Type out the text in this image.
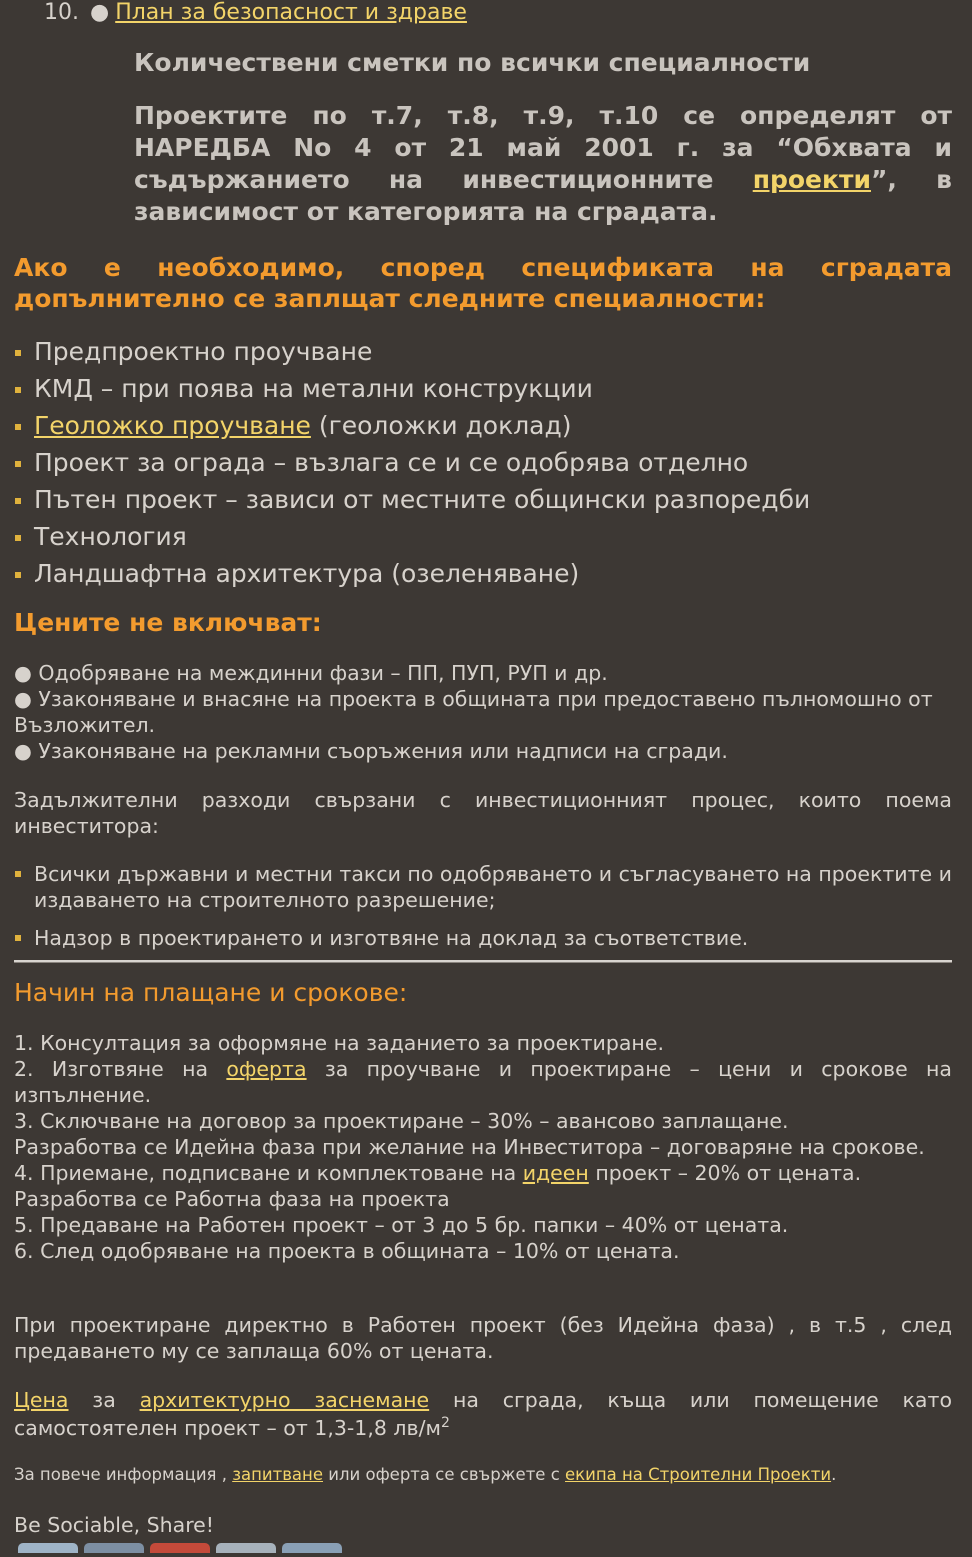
10. ● План за безопасност и здраве
Количествени сметки по всички специалности
Проектите по т.7, т.8, т.9, т.10 се определят от НАРЕДБА No 4 от 21 май 2001 г. за “Обхвата и съдържанието на инвестиционните проекти”, в зависимост от категорията на сградата.
Ако е необходимо, според спецификата на сградата допълнително се заплщат следните специалности:
Предпроектно проучване
КМД – при поява на метални конструкции
Геоложко проучване (геоложки доклад)
Проект за ограда – възлага се и се одобрява отделно
Пътен проект – зависи от местните общински разпоредби
Технология
Ландшафтна архитектура (озеленяване)
Цените не включват:
● Одобряване на междинни фази – ПП, ПУП, РУП и др.
● Узаконяване и внасяне на проекта в общината при предоставено пълномошно от Възложител.
● Узаконяване на рекламни съоръжения или надписи на сгради.
Задължителни разходи свързани с инвестиционният процес, които поема инвеститора:
Всички държавни и местни такси по одобряването и съгласуването на проектите и издаването на строителното разрешение;
Надзор в проектирането и изготвяне на доклад за съответствие.
Начин на плащане и срокове:
1. Консултация за оформяне на заданието за проектиране.
2. Изготвяне на оферта за проучване и проектиране – цени и срокове на изпълнение.
3. Сключване на договор за проектиране – 30% – авансово заплащане.
Разработва се Идейна фаза при желание на Инвеститора – договаряне на срокове.
4. Приемане, подписване и комплектоване на идеен проект – 20% от цената.
Разработва се Работна фаза на проекта
5. Предаване на Работен проект – от 3 до 5 бр. папки – 40% от цената.
6. След одобряване на проекта в общината – 10% от цената.
При проектиране директно в Работен проект (без Идейна фаза) , в т.5 , след предаването му се заплаща 60% от цената.
Цена за архитектурно заснемане на сграда, къща или помещение като самостоятелен проект – от 1,3-1,8 $лв/м^2$
За повече информация , запитване или оферта се свържете с екипа на Строителни Проекти.
Be Sociable, Share!
